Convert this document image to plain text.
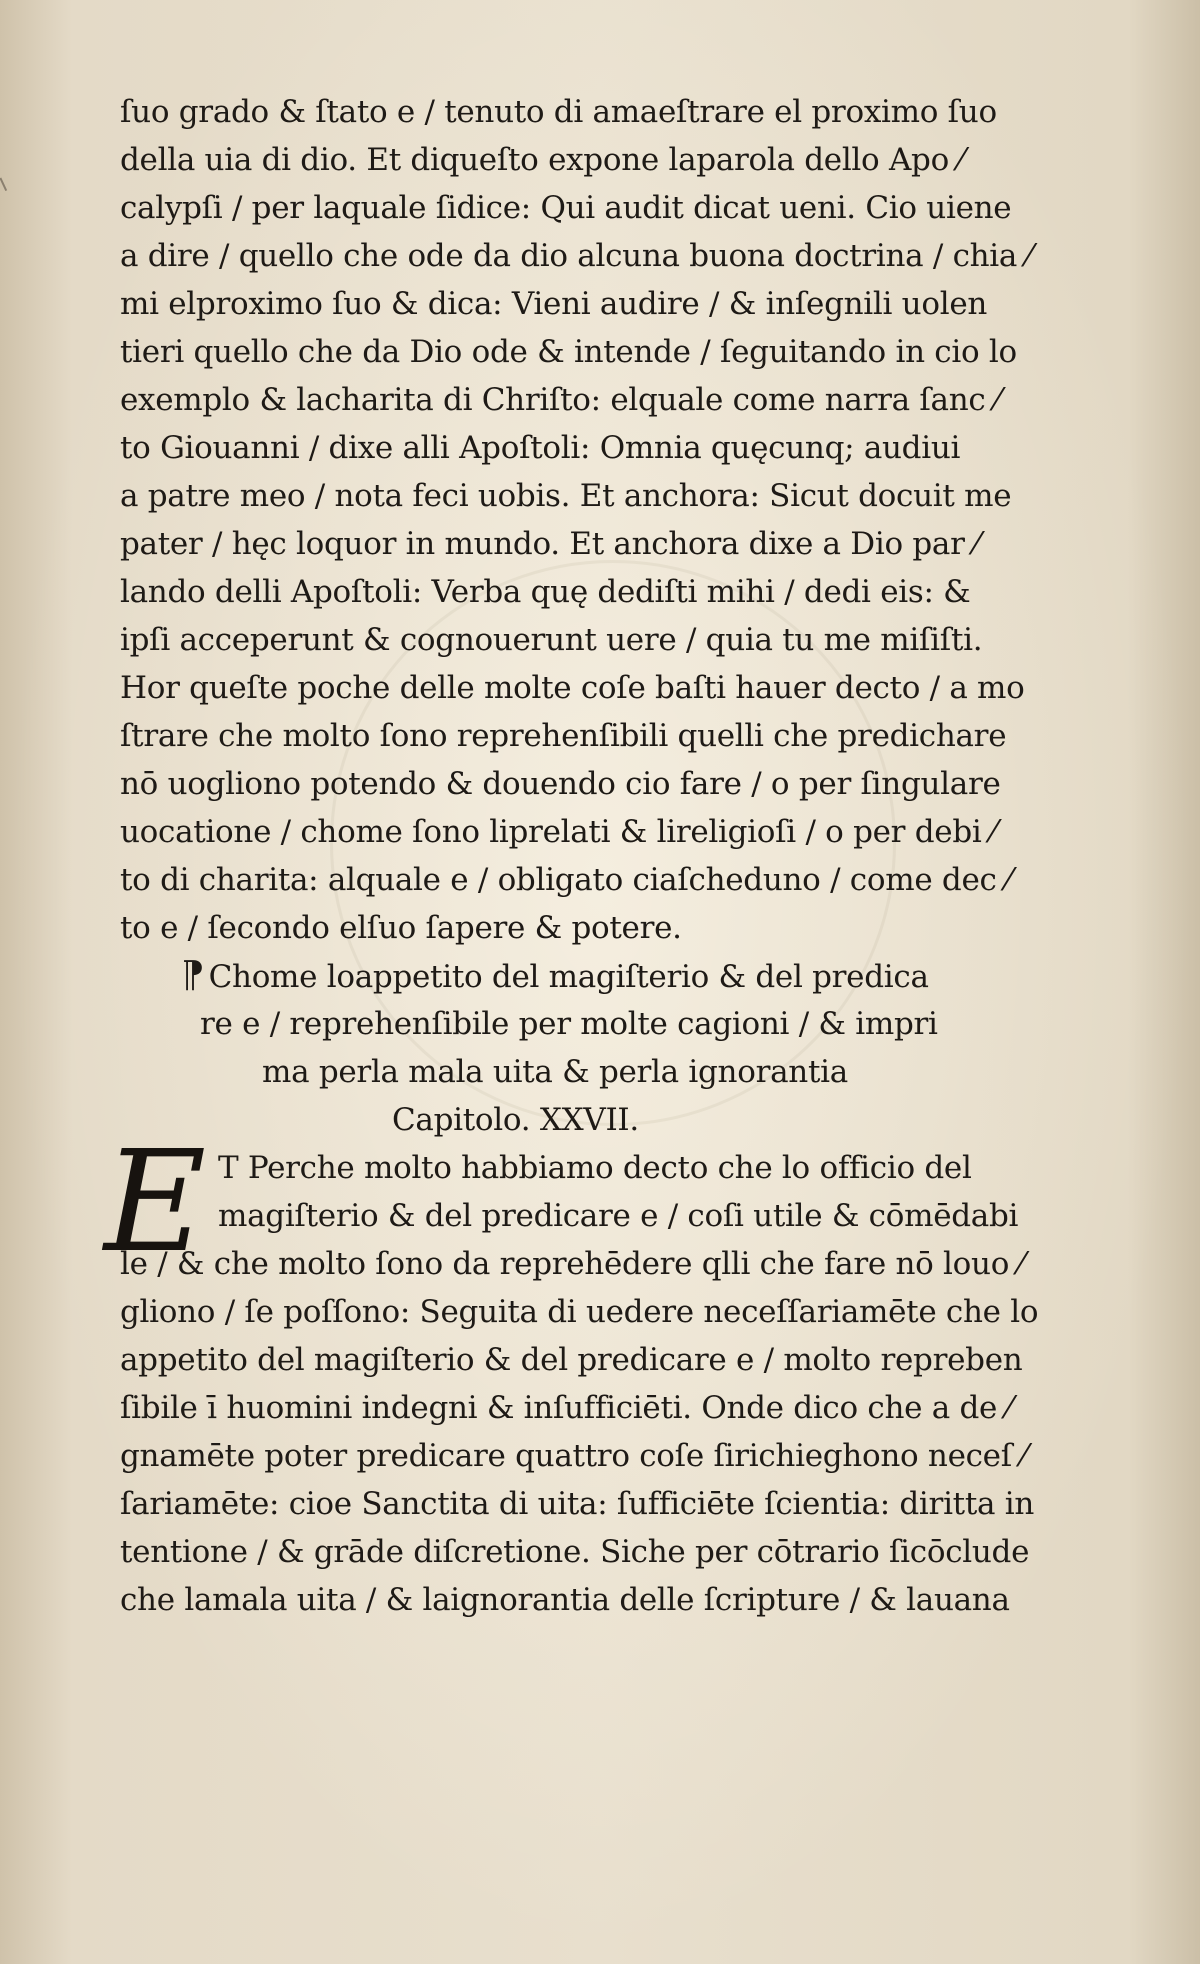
ſuo grado & ſtato e / tenuto di amaeſtrare el proximo ſuo
della uia di dio. Et diqueſto expone laparola dello Apo ⁄
calypſi / per laquale ſidice: Qui audit dicat ueni. Cio uiene
a dire / quello che ode da dio alcuna buona doctrina / chia ⁄
mi elproximo ſuo & dica: Vieni audire / & inſegnili uolen
tieri quello che da Dio ode & intende / ſeguitando in cio lo
exemplo & lacharita di Chriſto: elquale come narra ſanc ⁄
to Giouanni / dixe alli Apoſtoli: Omnia quęcunq; audiui
a patre meo / nota feci uobis. Et anchora: Sicut docuit me
pater / hęc loquor in mundo. Et anchora dixe a Dio par ⁄
lando delli Apoſtoli: Verba quę dediſti mihi / dedi eis: &
ipſi acceperunt & cognouerunt uere / quia tu me miſiſti.
Hor queſte poche delle molte coſe baſti hauer decto / a mo
ſtrare che molto ſono reprehenſibili quelli che predichare
nō uogliono potendo & douendo cio fare / o per ſingulare
uocatione / chome ſono liprelati & lireligioſi / o per debi ⁄
to di charita: alquale e / obligato ciaſcheduno / come dec ⁄
to e / ſecondo elſuo ſapere & potere.
¶ Chome loappetito del magiſterio & del predica
re e / reprehenſibile per molte cagioni / & impri
ma perla mala uita & perla ignorantia
Capitolo. XXVII.
E T Perche molto habbiamo decto che lo officio del
magiſterio & del predicare e / coſi utile & cōmēdabi
le / & che molto ſono da reprehēdere qlli che fare nō louo ⁄
gliono / ſe poſſono: Seguita di uedere neceſſariamēte che lo
appetito del magiſterio & del predicare e / molto repreben
ſibile ī huomini indegni & inſufficiēti. Onde dico che a de ⁄
gnamēte poter predicare quattro coſe ſirichieghono neceſ ⁄
ſariamēte: cioe Sanctita di uita: ſufficiēte ſcientia: diritta in
tentione / & grāde diſcretione. Siche per cōtrario ſicōclude
che lamala uita / & laignorantia delle ſcripture / & lauana
